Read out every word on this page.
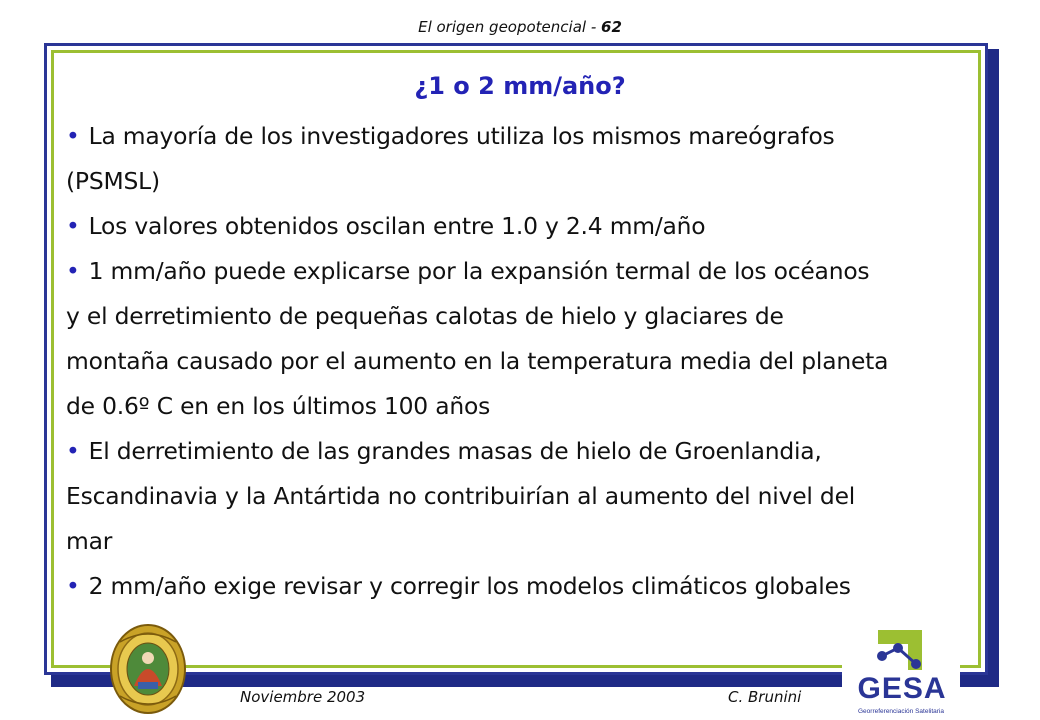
El origen geopotencial - 62
¿1 o 2 mm/año?

• La mayoría de los investigadores utiliza los mismos mareógrafos
(PSMSL)

• Los valores obtenidos oscilan entre 1.0 y 2.4 mm/año

• 1 mm/año puede explicarse por la expansión termal de los océanos
y el derretimiento de pequeñas calotas de hielo y glaciares de
montaña causado por el aumento en la temperatura media del planeta
de 0.6º C en en los últimos 100 años

• El derretimiento de las grandes masas de hielo de Groenlandia,
Escandinavia y la Antártida no contribuirían al aumento del nivel del
mar

• 2 mm/año exige revisar y corregir los modelos climáticos globales

Noviembre 2003	C. Brunini GESA
Georreferenciación Satelitaria
